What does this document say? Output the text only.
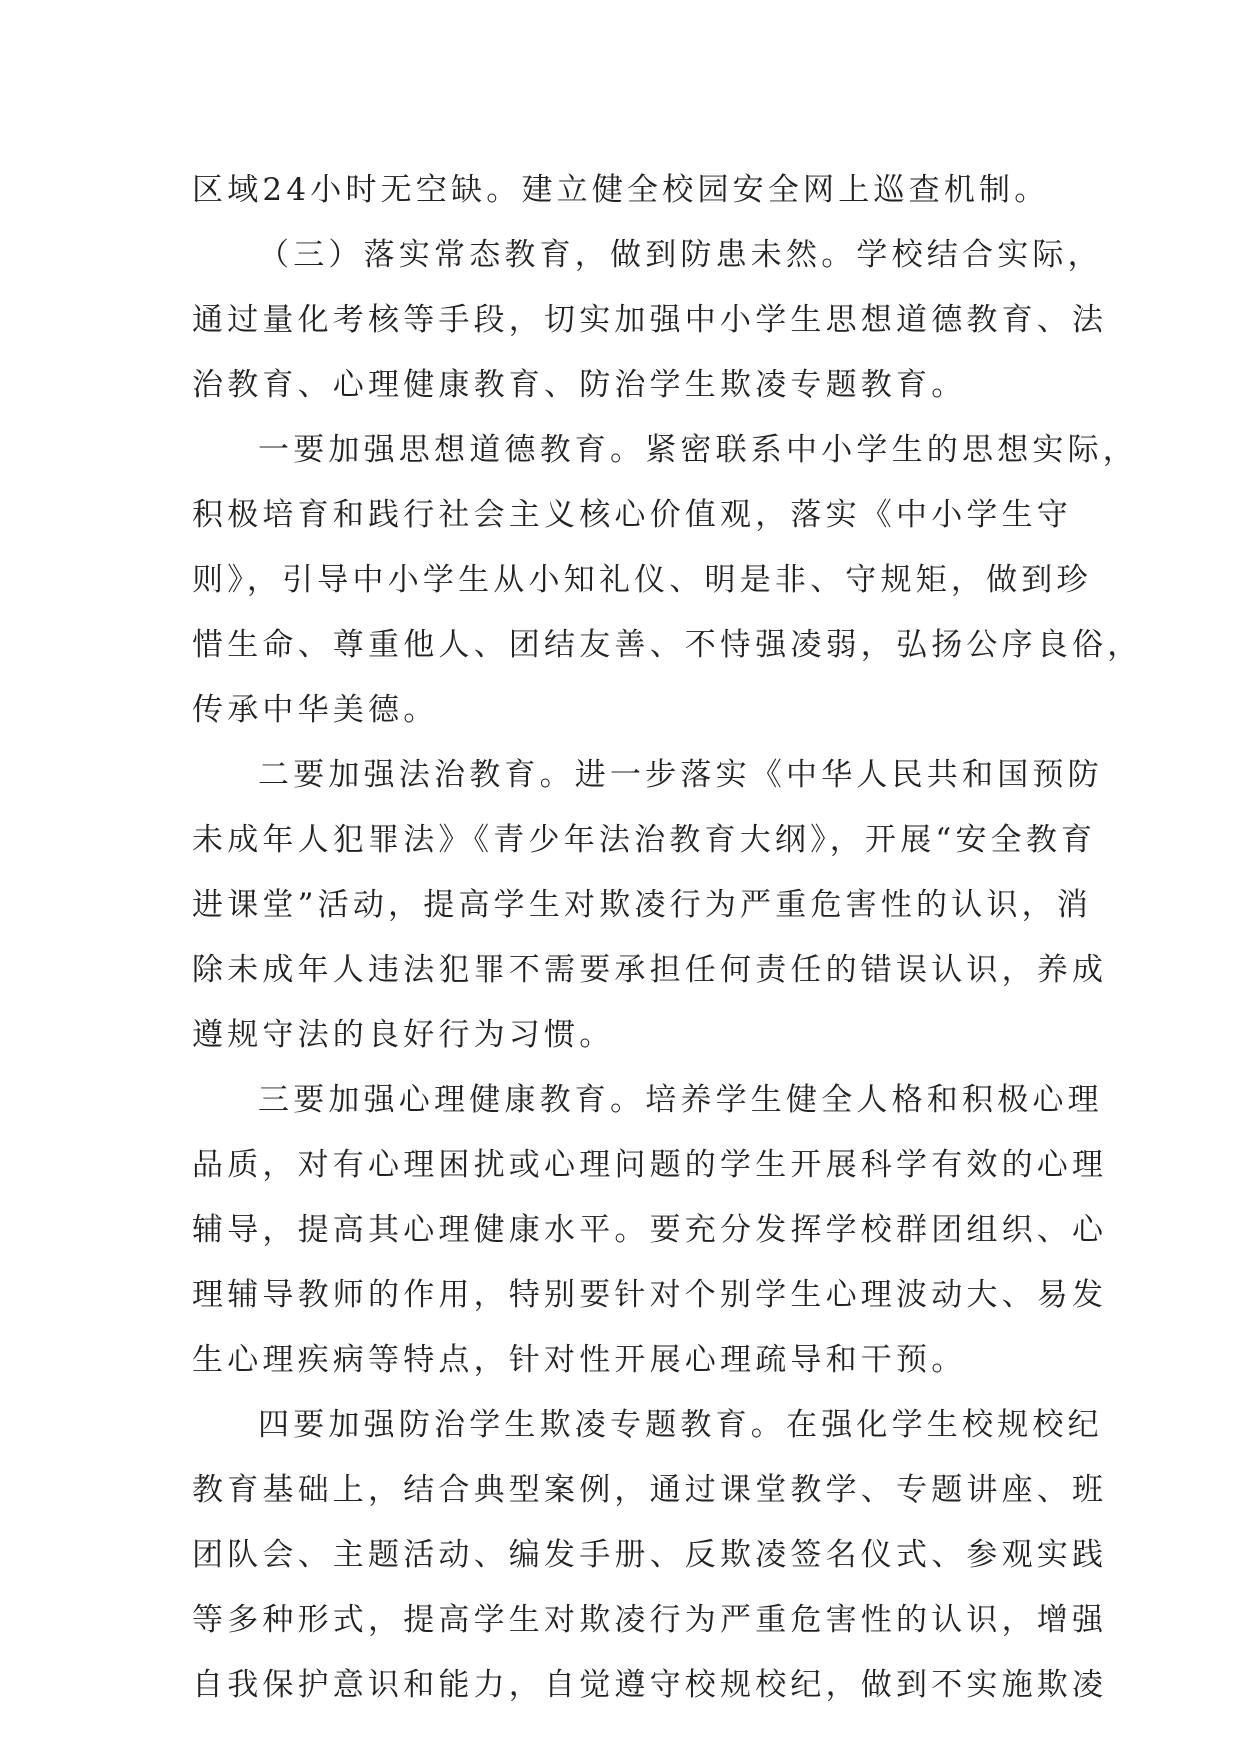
区域24小时无空缺。建立健全校园安全网上巡查机制。
（三）落实常态教育，做到防患未然。学校结合实际，
通过量化考核等手段，切实加强中小学生思想道德教育、法
治教育、心理健康教育、防治学生欺凌专题教育。
一要加强思想道德教育。紧密联系中小学生的思想实际，
积极培育和践行社会主义核心价值观，落实《中小学生守
则》，引导中小学生从小知礼仪、明是非、守规矩，做到珍
惜生命、尊重他人、团结友善、不恃强凌弱，弘扬公序良俗，
传承中华美德。
二要加强法治教育。进一步落实《中华人民共和国预防
未成年人犯罪法》《青少年法治教育大纲》，开展“安全教育
进课堂”活动，提高学生对欺凌行为严重危害性的认识，消
除未成年人违法犯罪不需要承担任何责任的错误认识，养成
遵规守法的良好行为习惯。
三要加强心理健康教育。培养学生健全人格和积极心理
品质，对有心理困扰或心理问题的学生开展科学有效的心理
辅导，提高其心理健康水平。要充分发挥学校群团组织、心
理辅导教师的作用，特别要针对个别学生心理波动大、易发
生心理疾病等特点，针对性开展心理疏导和干预。
四要加强防治学生欺凌专题教育。在强化学生校规校纪
教育基础上，结合典型案例，通过课堂教学、专题讲座、班
团队会、主题活动、编发手册、反欺凌签名仪式、参观实践
等多种形式，提高学生对欺凌行为严重危害性的认识，增强
自我保护意识和能力，自觉遵守校规校纪，做到不实施欺凌
